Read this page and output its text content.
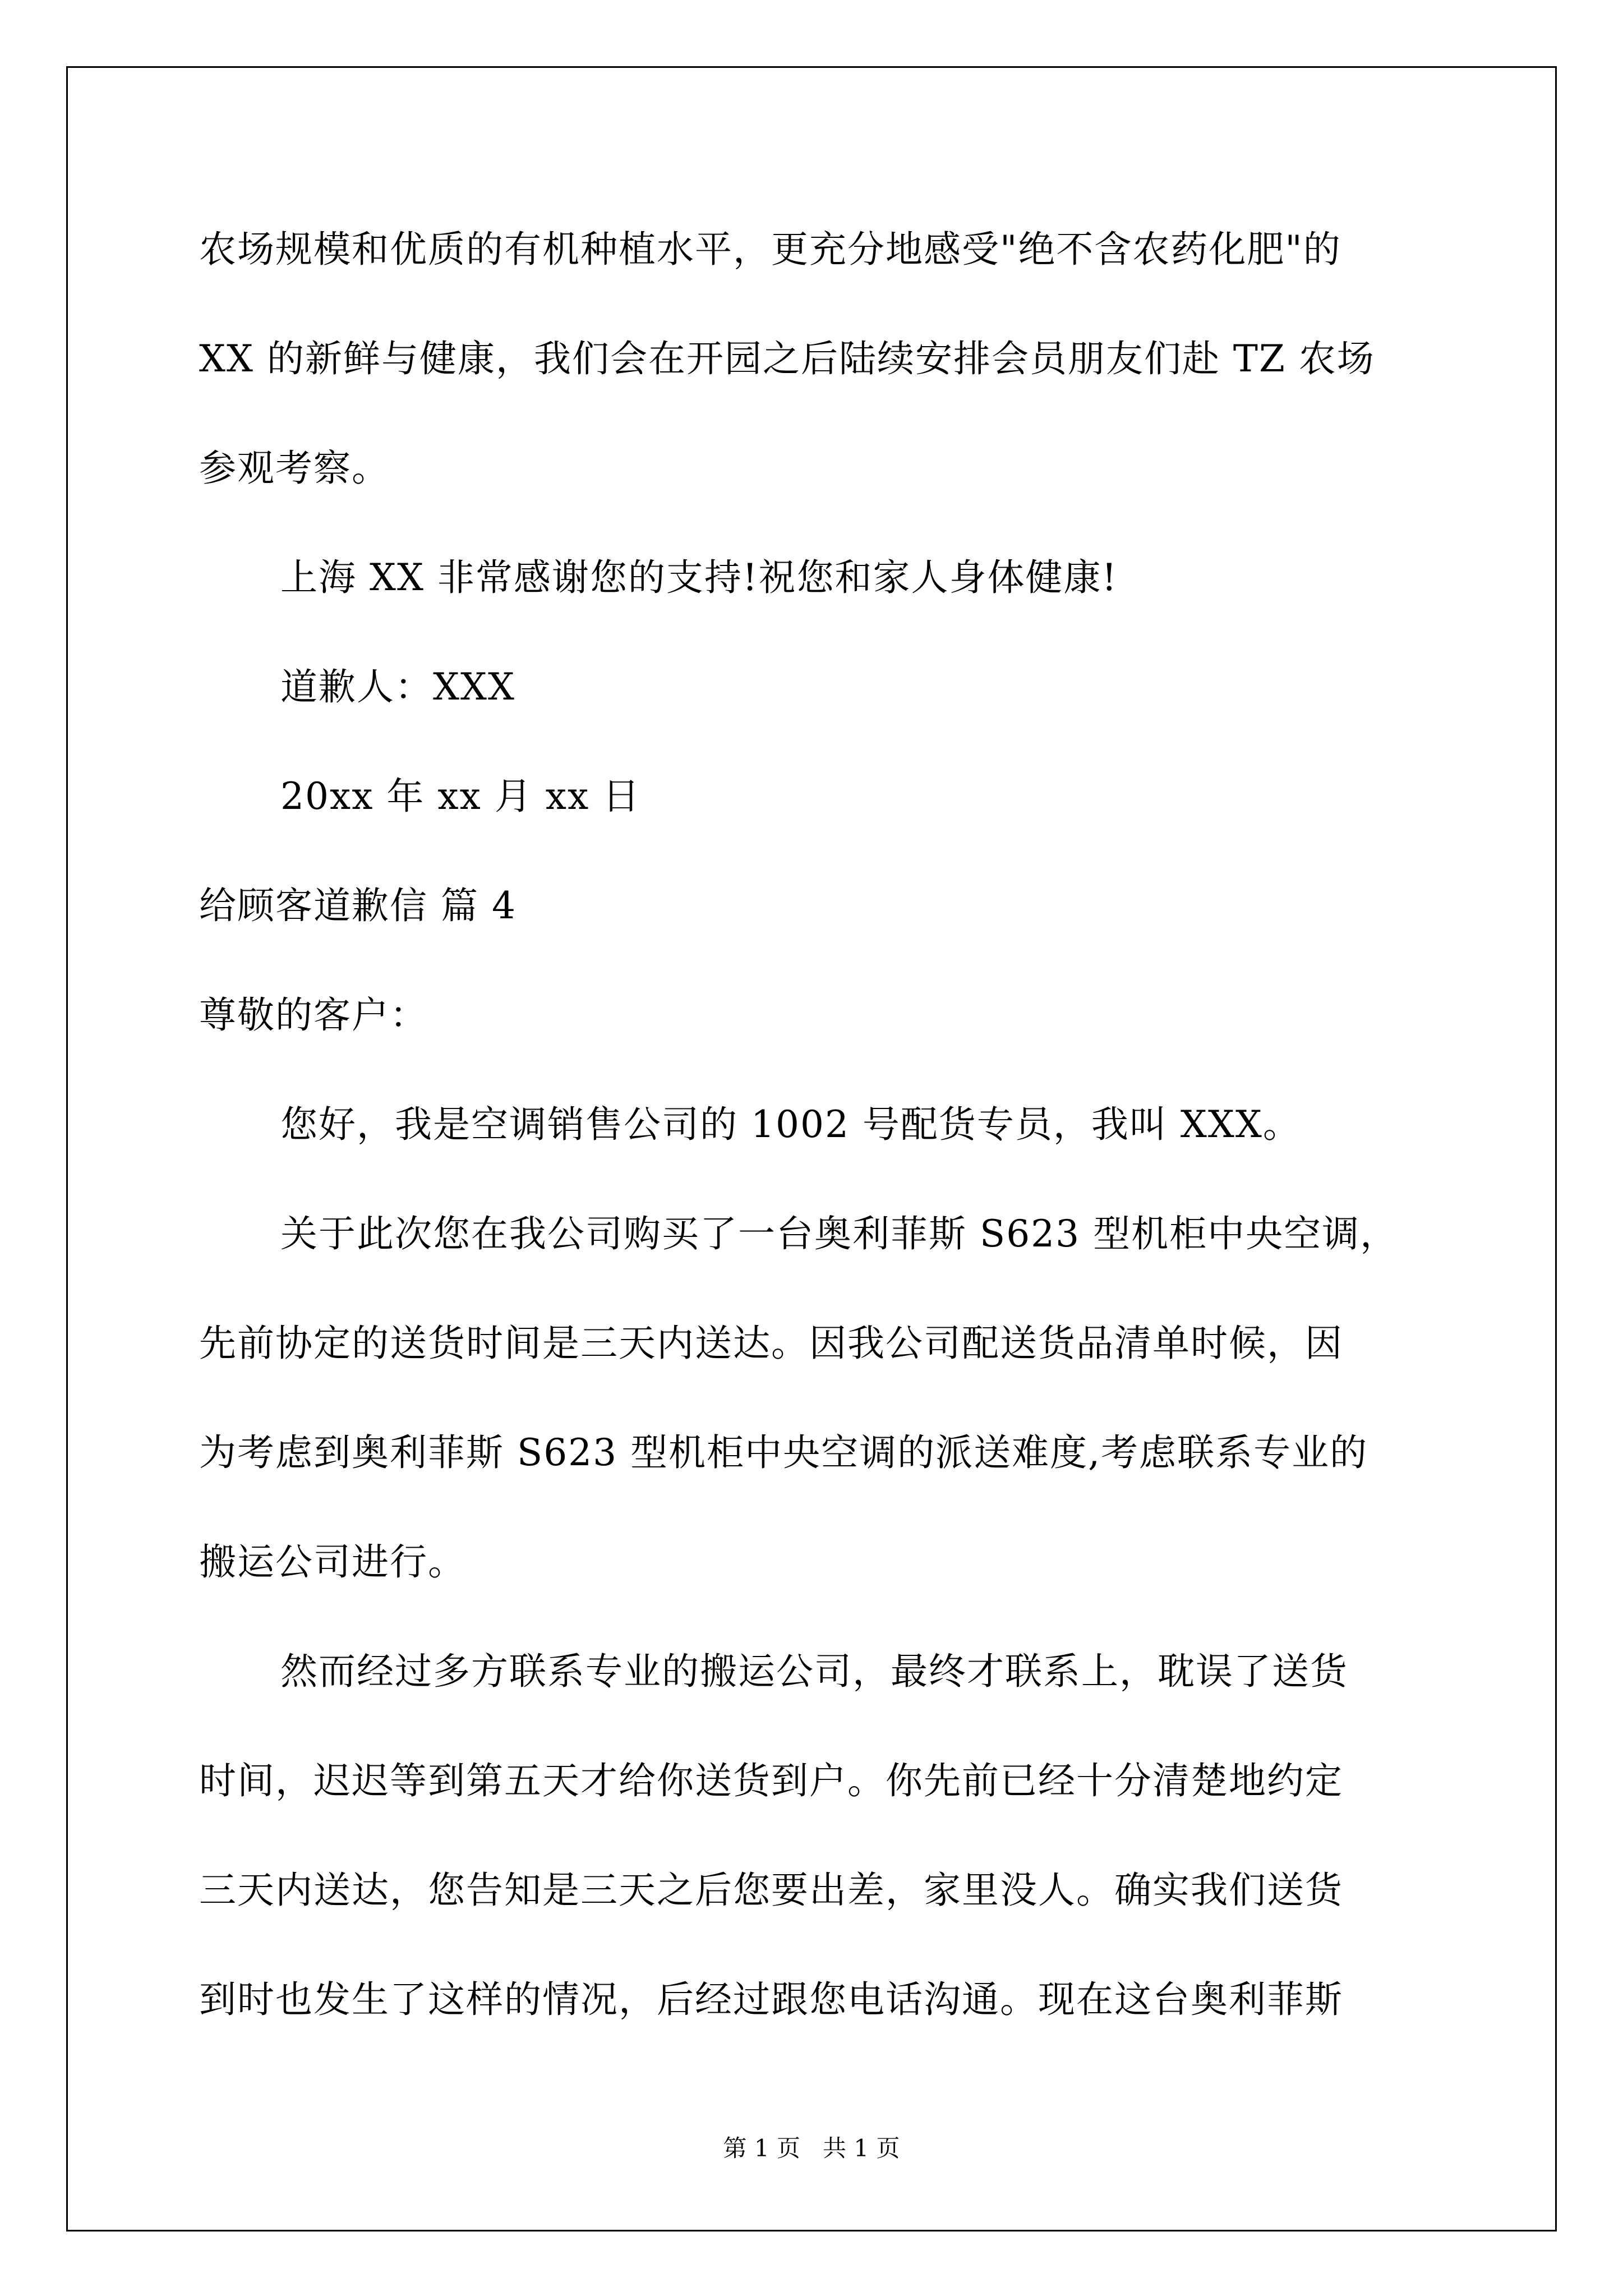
农场规模和优质的有机种植水平，更充分地感受"绝不含农药化肥"的
XX 的新鲜与健康，我们会在开园之后陆续安排会员朋友们赴 TZ 农场
参观考察。
上海 XX 非常感谢您的支持!祝您和家人身体健康!
道歉人：XXX
20xx 年 xx 月 xx 日
给顾客道歉信 篇 4
尊敬的客户：
您好，我是空调销售公司的 1002 号配货专员，我叫 XXX。
关于此次您在我公司购买了一台奥利菲斯 S623 型机柜中央空调，
先前协定的送货时间是三天内送达。因我公司配送货品清单时候，因
为考虑到奥利菲斯 S623 型机柜中央空调的派送难度,考虑联系专业的
搬运公司进行。
然而经过多方联系专业的搬运公司，最终才联系上，耽误了送货
时间，迟迟等到第五天才给你送货到户。你先前已经十分清楚地约定
三天内送达，您告知是三天之后您要出差，家里没人。确实我们送货
到时也发生了这样的情况，后经过跟您电话沟通。现在这台奥利菲斯
第 1 页   共 1 页
